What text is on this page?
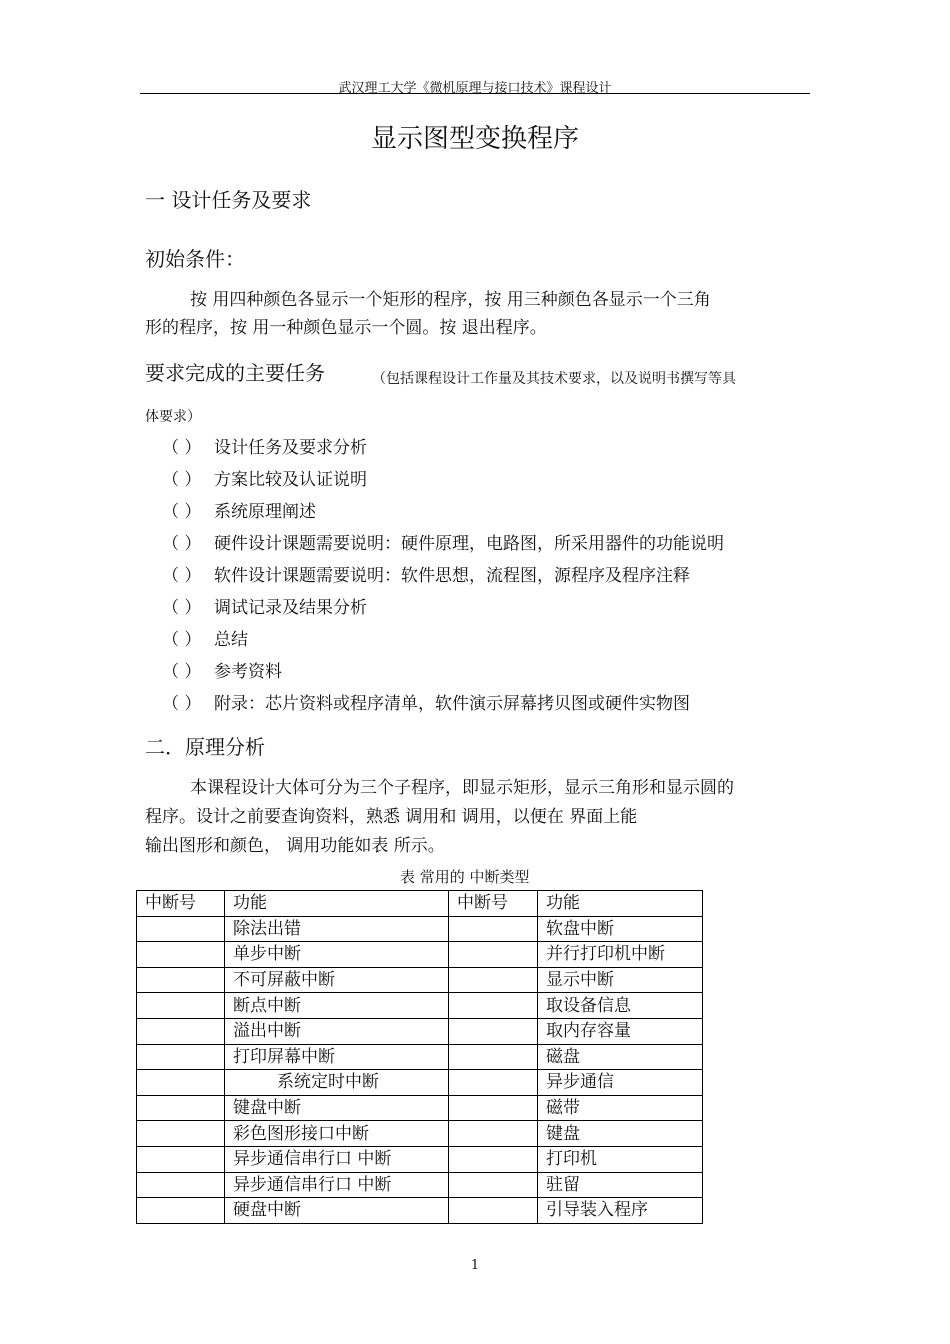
武汉理工大学《微机原理与接口技术》课程设计
显示图型变换程序
一 设计任务及要求
初始条件：
按 用四种颜色各显示一个矩形的程序，按 用三种颜色各显示一个三角
形的程序，按 用一种颜色显示一个圆。按 退出程序。
要求完成的主要任务	（包括课程设计工作量及其技术要求，以及说明书撰写等具
体要求）
（ ） 设计任务及要求分析
（ ） 方案比较及认证说明
（ ） 系统原理阐述
（ ） 硬件设计课题需要说明：硬件原理，电路图，所采用器件的功能说明
（ ） 软件设计课题需要说明：软件思想，流程图，源程序及程序注释
（ ） 调试记录及结果分析
（ ） 总结
（ ） 参考资料
（ ） 附录：芯片资料或程序清单，软件演示屏幕拷贝图或硬件实物图
二．原理分析
本课程设计大体可分为三个子程序，即显示矩形，显示三角形和显示圆的
程序。设计之前要查询资料，熟悉 调用和 调用，以便在 界面上能
输出图形和颜色， 调用功能如表 所示。
表 常用的 中断类型
中断号	功能	中断号	功能
	除法出错		软盘中断
	单步中断		并行打印机中断
	不可屏蔽中断		显示中断
	断点中断		取设备信息
	溢出中断		取内存容量
	打印屏幕中断		磁盘
	系统定时中断		异步通信
	键盘中断		磁带
	彩色图形接口中断		键盘
	异步通信串行口 中断		打印机
	异步通信串行口 中断		驻留
	硬盘中断		引导装入程序
1
